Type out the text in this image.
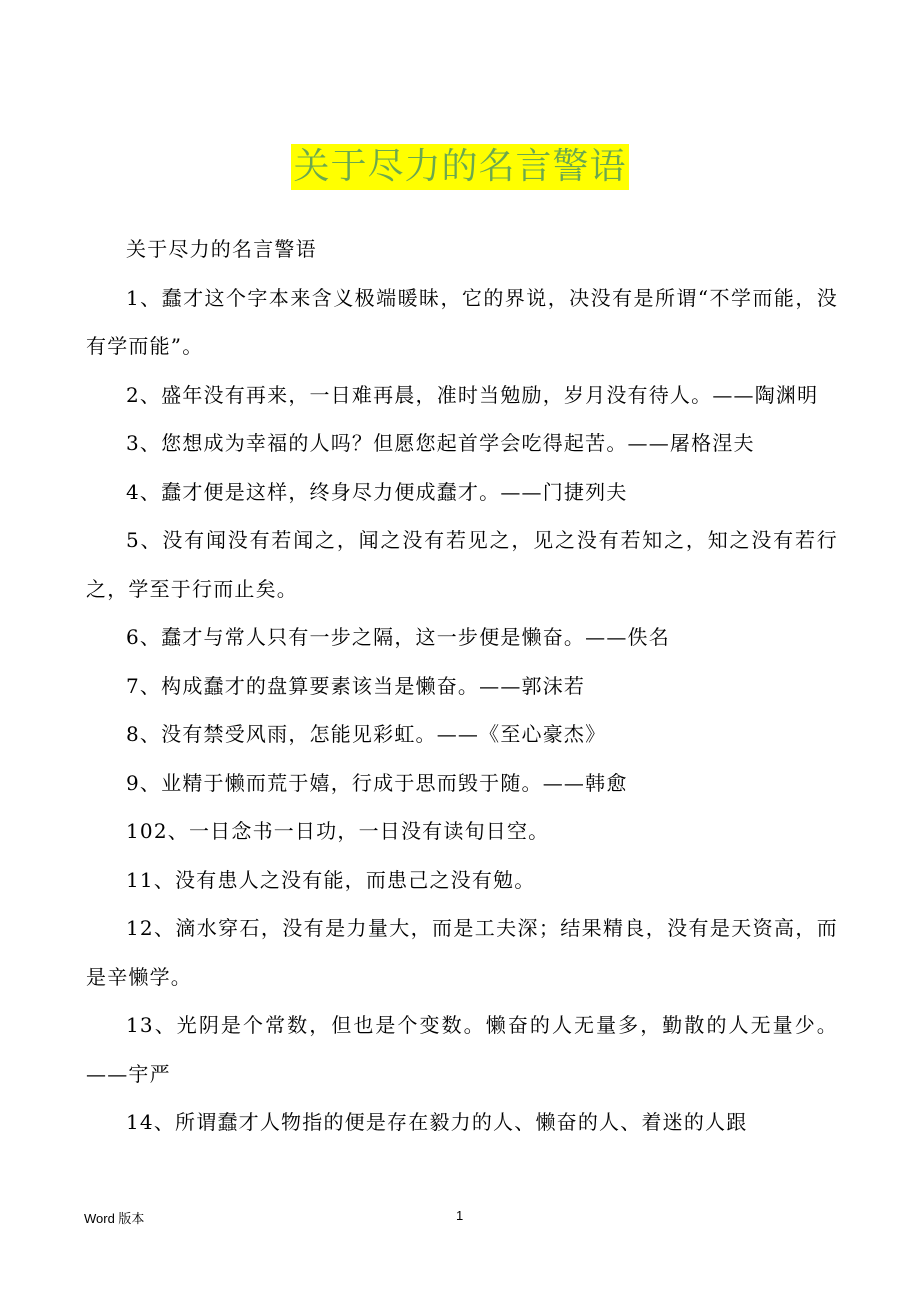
关于尽力的名言警语

关于尽力的名言警语

1、蠢才这个字本来含义极端暖昧，它的界说，决没有是所谓“不学而能，没有学而能”。

2、盛年没有再来，一日难再晨，准时当勉励，岁月没有待人。——陶渊明

3、您想成为幸福的人吗？但愿您起首学会吃得起苦。——屠格涅夫

4、蠢才便是这样，终身尽力便成蠢才。——门捷列夫

5、没有闻没有若闻之，闻之没有若见之，见之没有若知之，知之没有若行之，学至于行而止矣。

6、蠢才与常人只有一步之隔，这一步便是懒奋。——佚名

7、构成蠢才的盘算要素该当是懒奋。——郭沫若

8、没有禁受风雨，怎能见彩虹。——《至心豪杰》

9、业精于懒而荒于嬉，行成于思而毁于随。——韩愈

102、一日念书一日功，一日没有读旬日空。

11、没有患人之没有能，而患己之没有勉。

12、滴水穿石，没有是力量大，而是工夫深；结果精良，没有是天资高，而是辛懒学。

13、光阴是个常数，但也是个变数。懒奋的人无量多，勤散的人无量少。——宇严

14、所谓蠢才人物指的便是存在毅力的人、懒奋的人、着迷的人跟

Word 版本	1
